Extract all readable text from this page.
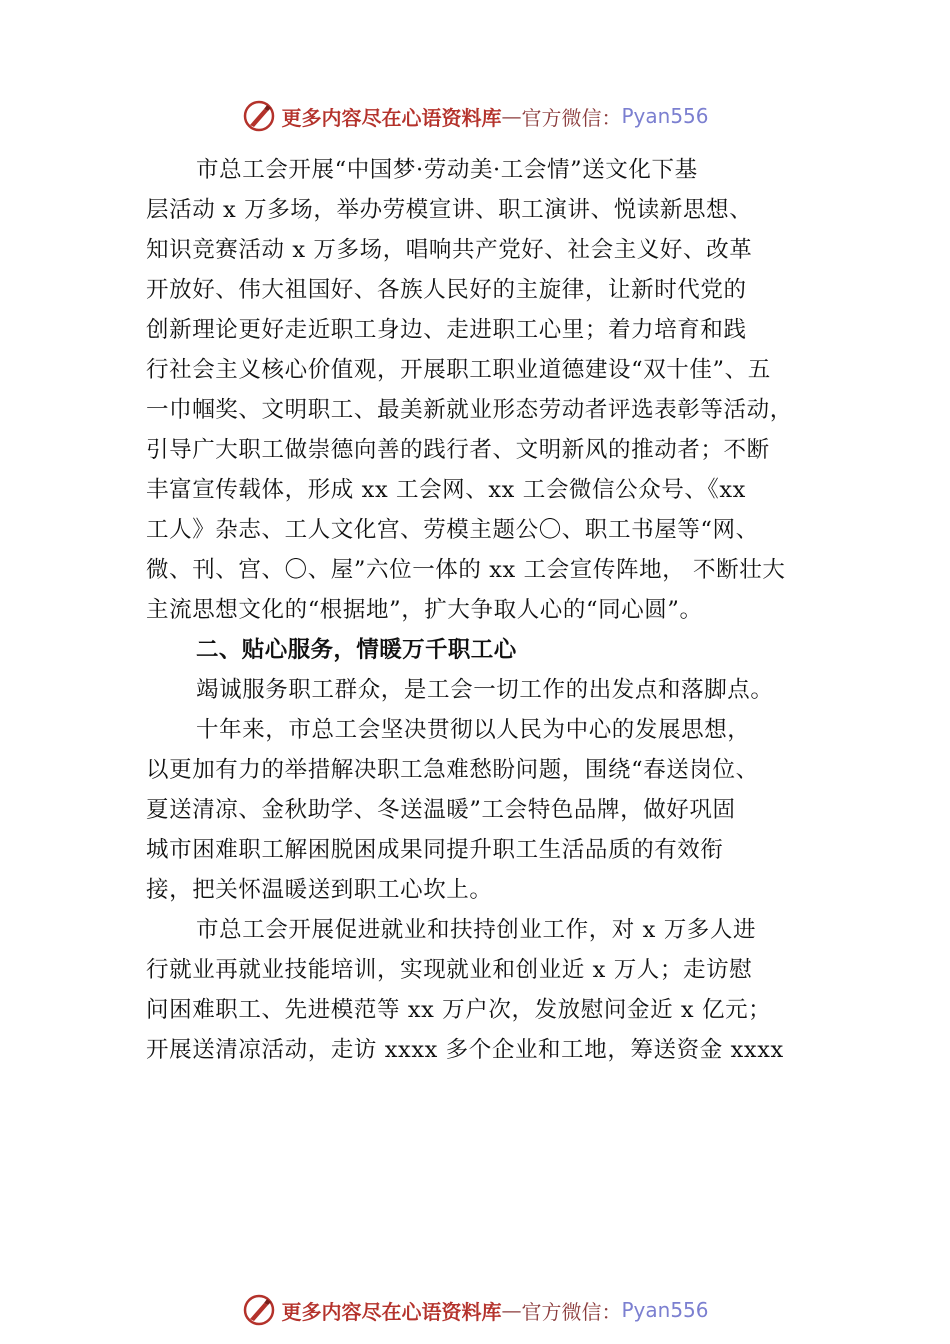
更多内容尽在心语资料库 — 官方微信： Pyan556
市总工会开展“中国梦·劳动美·工会情”送文化下基
层活动 x 万多场，举办劳模宣讲、职工演讲、悦读新思想、
知识竞赛活动 x 万多场，唱响共产党好、社会主义好、改革
开放好、伟大祖国好、各族人民好的主旋律，让新时代党的
创新理论更好走近职工身边、走进职工心里；着力培育和践
行社会主义核心价值观，开展职工职业道德建设“双十佳”、五
一巾帼奖、文明职工、最美新就业形态劳动者评选表彰等活动，
引导广大职工做崇德向善的践行者、文明新风的推动者；不断
丰富宣传载体，形成 xx 工会网、xx 工会微信公众号、《xx
工人》杂志、工人文化宫、劳模主题公〇、职工书屋等“网、
微、刊、宫、〇、屋”六位一体的 xx 工会宣传阵地， 不断壮大
主流思想文化的“根据地”，扩大争取人心的“同心圆”。
二、贴心服务，情暖万千职工心
竭诚服务职工群众，是工会一切工作的出发点和落脚点。
十年来，市总工会坚决贯彻以人民为中心的发展思想，
以更加有力的举措解决职工急难愁盼问题，围绕“春送岗位、
夏送清凉、金秋助学、冬送温暖”工会特色品牌，做好巩固
城市困难职工解困脱困成果同提升职工生活品质的有效衔
接，把关怀温暖送到职工心坎上。
市总工会开展促进就业和扶持创业工作，对 x 万多人进
行就业再就业技能培训，实现就业和创业近 x 万人；走访慰
问困难职工、先进模范等 xx 万户次，发放慰问金近 x 亿元；
开展送清凉活动，走访 xxxx 多个企业和工地，筹送资金 xxxx
更多内容尽在心语资料库 — 官方微信： Pyan556
